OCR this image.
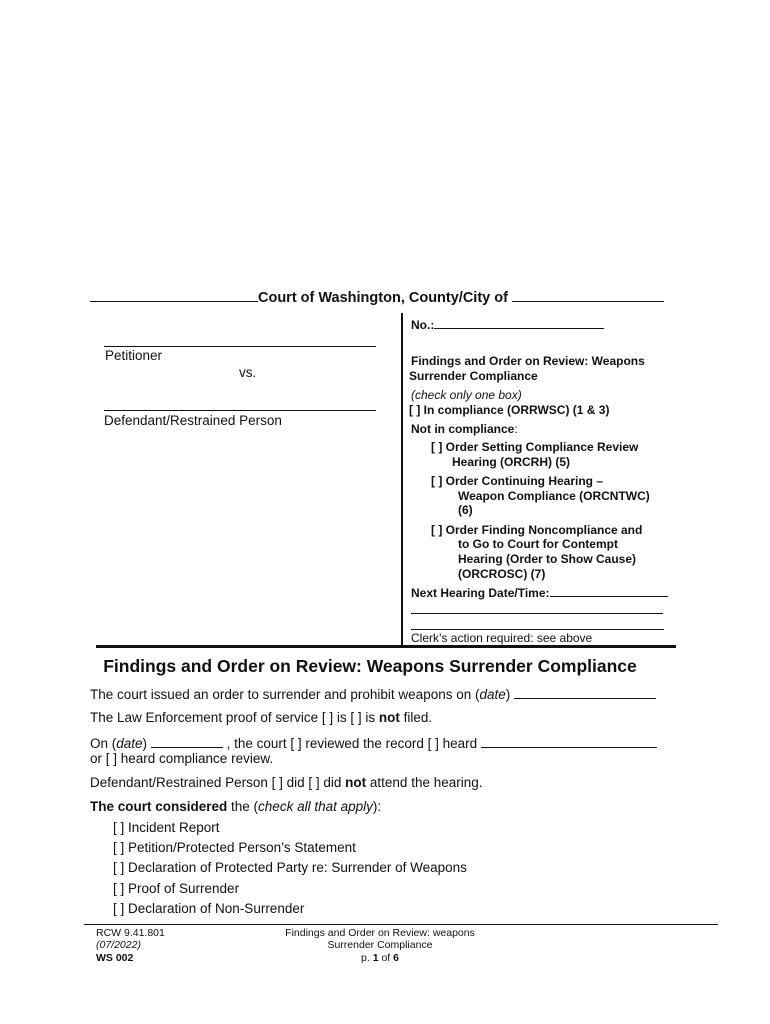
Court of Washington, County/City of
Petitioner
vs.
Defendant/Restrained Person
No.:
Findings and Order on Review: Weapons
Surrender Compliance
(check only one box)
[ ] In compliance (ORRWSC) (1 & 3)
Not in compliance:
[ ] Order Setting Compliance Review
Hearing (ORCRH) (5)
[ ] Order Continuing Hearing –
Weapon Compliance (ORCNTWC)
(6)
[ ] Order Finding Noncompliance and
to Go to Court for Contempt
Hearing (Order to Show Cause)
(ORCROSC) (7)
Next Hearing Date/Time:
Clerk’s action required: see above
Findings and Order on Review: Weapons Surrender Compliance
The court issued an order to surrender and prohibit weapons on (date)
The Law Enforcement proof of service [ ] is [ ] is not filed.
On (date)	, the court [ ] reviewed the record [ ] heard
or [ ] heard compliance review.
Defendant/Restrained Person [ ] did [ ] did not attend the hearing.
The court considered the (check all that apply):
[ ] Incident Report
[ ] Petition/Protected Person’s Statement
[ ] Declaration of Protected Party re: Surrender of Weapons
[ ] Proof of Surrender
[ ] Declaration of Non-Surrender
RCW 9.41.801
(07/2022)
WS 002
Findings and Order on Review: weapons
Surrender Compliance
p. 1 of 6
